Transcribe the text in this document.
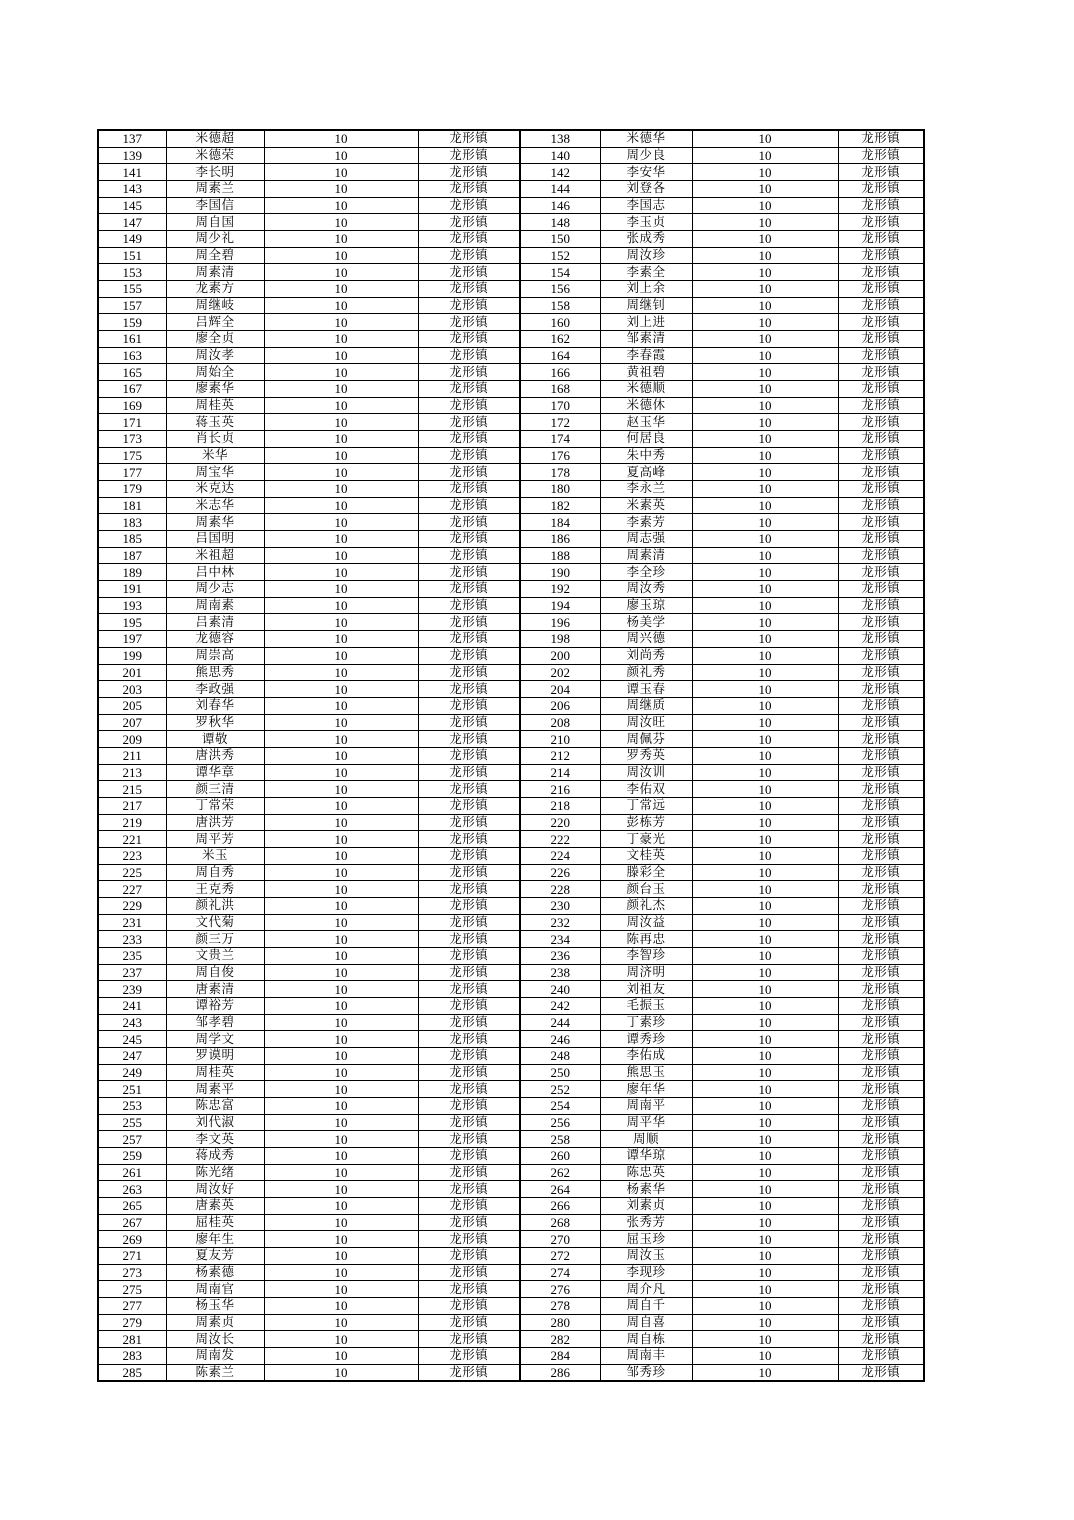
137	米德超	10	龙形镇	138	米德华	10	龙形镇
139	米德荣	10	龙形镇	140	周少良	10	龙形镇
141	李长明	10	龙形镇	142	李安华	10	龙形镇
143	周素兰	10	龙形镇	144	刘登各	10	龙形镇
145	李国信	10	龙形镇	146	李国志	10	龙形镇
147	周自国	10	龙形镇	148	李玉贞	10	龙形镇
149	周少礼	10	龙形镇	150	张成秀	10	龙形镇
151	周全碧	10	龙形镇	152	周汝珍	10	龙形镇
153	周素清	10	龙形镇	154	李素全	10	龙形镇
155	龙素方	10	龙形镇	156	刘上余	10	龙形镇
157	周继岐	10	龙形镇	158	周继钊	10	龙形镇
159	吕辉全	10	龙形镇	160	刘上进	10	龙形镇
161	廖全贞	10	龙形镇	162	邹素清	10	龙形镇
163	周汝孝	10	龙形镇	164	李春霞	10	龙形镇
165	周始全	10	龙形镇	166	黄祖碧	10	龙形镇
167	廖素华	10	龙形镇	168	米德顺	10	龙形镇
169	周桂英	10	龙形镇	170	米德休	10	龙形镇
171	蒋玉英	10	龙形镇	172	赵玉华	10	龙形镇
173	肖长贞	10	龙形镇	174	何居良	10	龙形镇
175	米华	10	龙形镇	176	朱中秀	10	龙形镇
177	周宝华	10	龙形镇	178	夏高峰	10	龙形镇
179	米克达	10	龙形镇	180	李永兰	10	龙形镇
181	米志华	10	龙形镇	182	米素英	10	龙形镇
183	周素华	10	龙形镇	184	李素芳	10	龙形镇
185	吕国明	10	龙形镇	186	周志强	10	龙形镇
187	米祖超	10	龙形镇	188	周素清	10	龙形镇
189	吕中林	10	龙形镇	190	李全珍	10	龙形镇
191	周少志	10	龙形镇	192	周汝秀	10	龙形镇
193	周南素	10	龙形镇	194	廖玉琼	10	龙形镇
195	吕素清	10	龙形镇	196	杨美学	10	龙形镇
197	龙德容	10	龙形镇	198	周兴德	10	龙形镇
199	周崇高	10	龙形镇	200	刘尚秀	10	龙形镇
201	熊思秀	10	龙形镇	202	颜礼秀	10	龙形镇
203	李政强	10	龙形镇	204	谭玉春	10	龙形镇
205	刘春华	10	龙形镇	206	周继质	10	龙形镇
207	罗秋华	10	龙形镇	208	周汝旺	10	龙形镇
209	谭敬	10	龙形镇	210	周佩芬	10	龙形镇
211	唐洪秀	10	龙形镇	212	罗秀英	10	龙形镇
213	谭华章	10	龙形镇	214	周汝训	10	龙形镇
215	颜三清	10	龙形镇	216	李佑双	10	龙形镇
217	丁常荣	10	龙形镇	218	丁常远	10	龙形镇
219	唐洪芳	10	龙形镇	220	彭栋芳	10	龙形镇
221	周平芳	10	龙形镇	222	丁豪光	10	龙形镇
223	米玉	10	龙形镇	224	文桂英	10	龙形镇
225	周自秀	10	龙形镇	226	滕彩全	10	龙形镇
227	王克秀	10	龙形镇	228	颜台玉	10	龙形镇
229	颜礼洪	10	龙形镇	230	颜礼杰	10	龙形镇
231	文代菊	10	龙形镇	232	周汝益	10	龙形镇
233	颜三万	10	龙形镇	234	陈再忠	10	龙形镇
235	文贵兰	10	龙形镇	236	李智珍	10	龙形镇
237	周自俊	10	龙形镇	238	周济明	10	龙形镇
239	唐素清	10	龙形镇	240	刘祖友	10	龙形镇
241	谭裕芳	10	龙形镇	242	毛振玉	10	龙形镇
243	邹孝碧	10	龙形镇	244	丁素珍	10	龙形镇
245	周学文	10	龙形镇	246	谭秀珍	10	龙形镇
247	罗谟明	10	龙形镇	248	李佑成	10	龙形镇
249	周桂英	10	龙形镇	250	熊思玉	10	龙形镇
251	周素平	10	龙形镇	252	廖年华	10	龙形镇
253	陈忠富	10	龙形镇	254	周南平	10	龙形镇
255	刘代淑	10	龙形镇	256	周平华	10	龙形镇
257	李文英	10	龙形镇	258	周顺	10	龙形镇
259	蒋成秀	10	龙形镇	260	谭华琼	10	龙形镇
261	陈光绪	10	龙形镇	262	陈忠英	10	龙形镇
263	周汝好	10	龙形镇	264	杨素华	10	龙形镇
265	唐素英	10	龙形镇	266	刘素贞	10	龙形镇
267	屈桂英	10	龙形镇	268	张秀芳	10	龙形镇
269	廖年生	10	龙形镇	270	屈玉珍	10	龙形镇
271	夏友芳	10	龙形镇	272	周汝玉	10	龙形镇
273	杨素德	10	龙形镇	274	李现珍	10	龙形镇
275	周南官	10	龙形镇	276	周介凡	10	龙形镇
277	杨玉华	10	龙形镇	278	周自千	10	龙形镇
279	周素贞	10	龙形镇	280	周自喜	10	龙形镇
281	周汝长	10	龙形镇	282	周自栋	10	龙形镇
283	周南发	10	龙形镇	284	周南丰	10	龙形镇
285	陈素兰	10	龙形镇	286	邹秀珍	10	龙形镇
